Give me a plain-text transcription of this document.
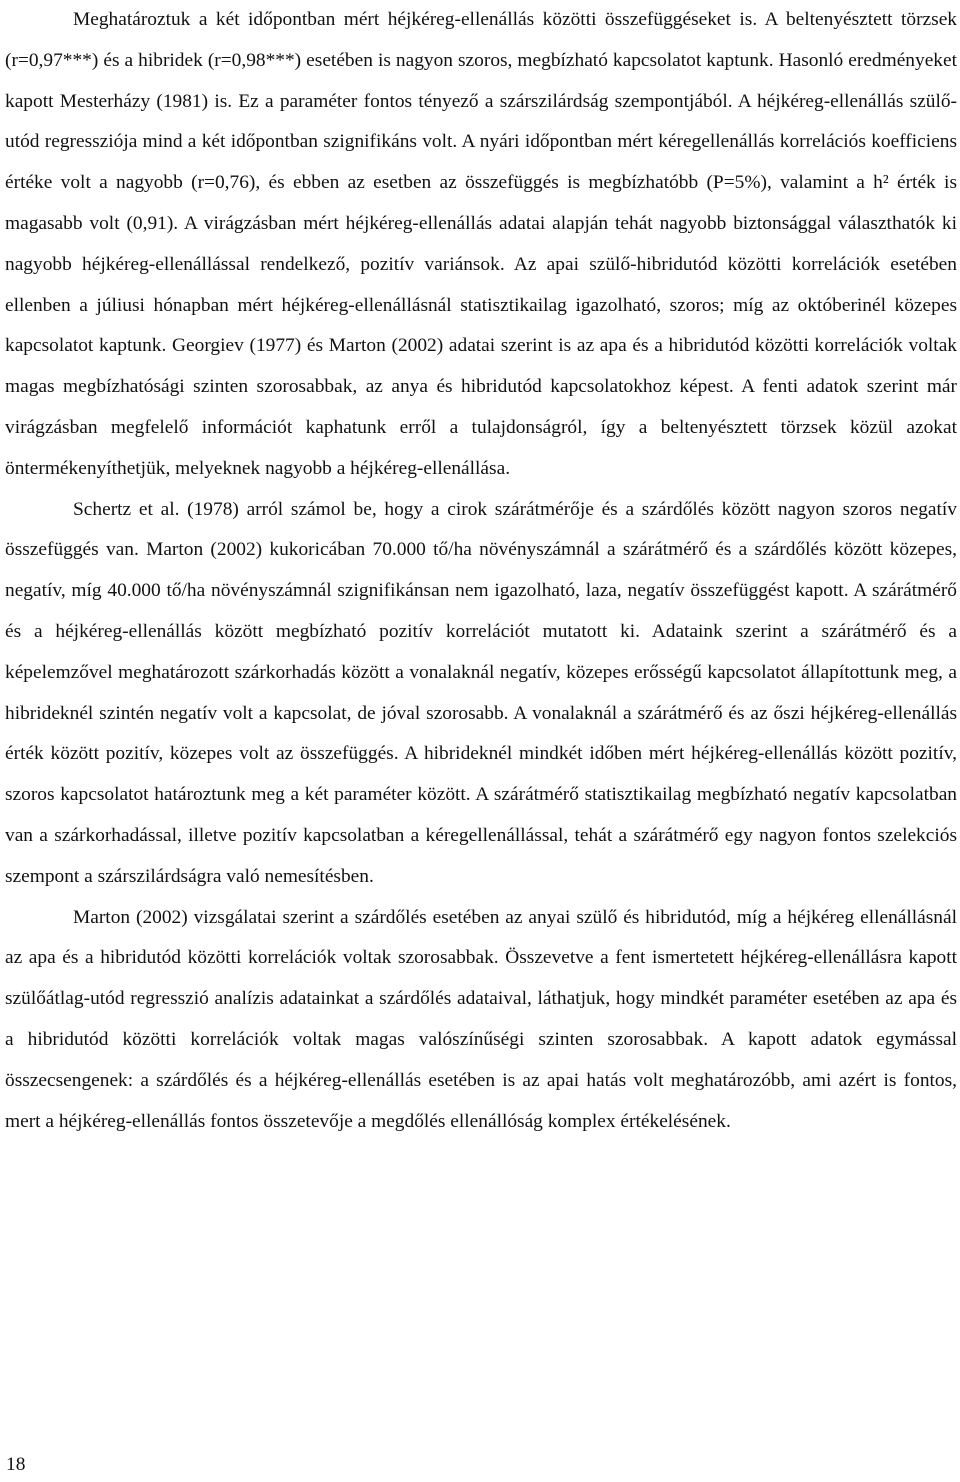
Meghatároztuk a két időpontban mért héjkéreg-ellenállás közötti összefüggéseket is. A beltenyésztett törzsek (r=0,97***) és a hibridek (r=0,98***) esetében is nagyon szoros, megbízható kapcsolatot kaptunk. Hasonló eredményeket kapott Mesterházy (1981) is. Ez a paraméter fontos tényező a szárszilárdság szempontjából. A héjkéreg-ellenállás szülő-utód regressziója mind a két időpontban szignifikáns volt. A nyári időpontban mért kéregellenállás korrelációs koefficiens értéke volt a nagyobb (r=0,76), és ebben az esetben az összefüggés is megbízhatóbb (P=5%), valamint a h² érték is magasabb volt (0,91). A virágzásban mért héjkéreg-ellenállás adatai alapján tehát nagyobb biztonsággal választhatók ki nagyobb héjkéreg-ellenállással rendelkező, pozitív variánsok. Az apai szülő-hibridutód közötti korrelációk esetében ellenben a júliusi hónapban mért héjkéreg-ellenállásnál statisztikailag igazolható, szoros; míg az októberinél közepes kapcsolatot kaptunk. Georgiev (1977) és Marton (2002) adatai szerint is az apa és a hibridutód közötti korrelációk voltak magas megbízhatósági szinten szorosabbak, az anya és hibridutód kapcsolatokhoz képest. A fenti adatok szerint már virágzásban megfelelő információt kaphatunk erről a tulajdonságról, így a beltenyésztett törzsek közül azokat öntermékenyíthetjük, melyeknek nagyobb a héjkéreg-ellenállása.

Schertz et al. (1978) arról számol be, hogy a cirok szárátmérője és a szárdőlés között nagyon szoros negatív összefüggés van. Marton (2002) kukoricában 70.000 tő/ha növényszámnál a szárátmérő és a szárdőlés között közepes, negatív, míg 40.000 tő/ha növényszámnál szignifikánsan nem igazolható, laza, negatív összefüggést kapott. A szárátmérő és a héjkéreg-ellenállás között megbízható pozitív korrelációt mutatott ki. Adataink szerint a szárátmérő és a képelemzővel meghatározott szárkorhadás között a vonalaknál negatív, közepes erősségű kapcsolatot állapítottunk meg, a hibrideknél szintén negatív volt a kapcsolat, de jóval szorosabb. A vonalaknál a szárátmérő és az őszi héjkéreg-ellenállás érték között pozitív, közepes volt az összefüggés. A hibrideknél mindkét időben mért héjkéreg-ellenállás között pozitív, szoros kapcsolatot határoztunk meg a két paraméter között. A szárátmérő statisztikailag megbízható negatív kapcsolatban van a szárkorhadással, illetve pozitív kapcsolatban a kéregellenállással, tehát a szárátmérő egy nagyon fontos szelekciós szempont a szárszilárdságra való nemesítésben.

Marton (2002) vizsgálatai szerint a szárdőlés esetében az anyai szülő és hibridutód, míg a héjkéreg ellenállásnál az apa és a hibridutód közötti korrelációk voltak szorosabbak. Összevetve a fent ismertetett héjkéreg-ellenállásra kapott szülőátlag-utód regresszió analízis adatainkat a szárdőlés adataival, láthatjuk, hogy mindkét paraméter esetében az apa és a hibridutód közötti korrelációk voltak magas valószínűségi szinten szorosabbak. A kapott adatok egymással összecsengenek: a szárdőlés és a héjkéreg-ellenállás esetében is az apai hatás volt meghatározóbb, ami azért is fontos, mert a héjkéreg-ellenállás fontos összetevője a megdőlés ellenállóság komplex értékelésének.

18
